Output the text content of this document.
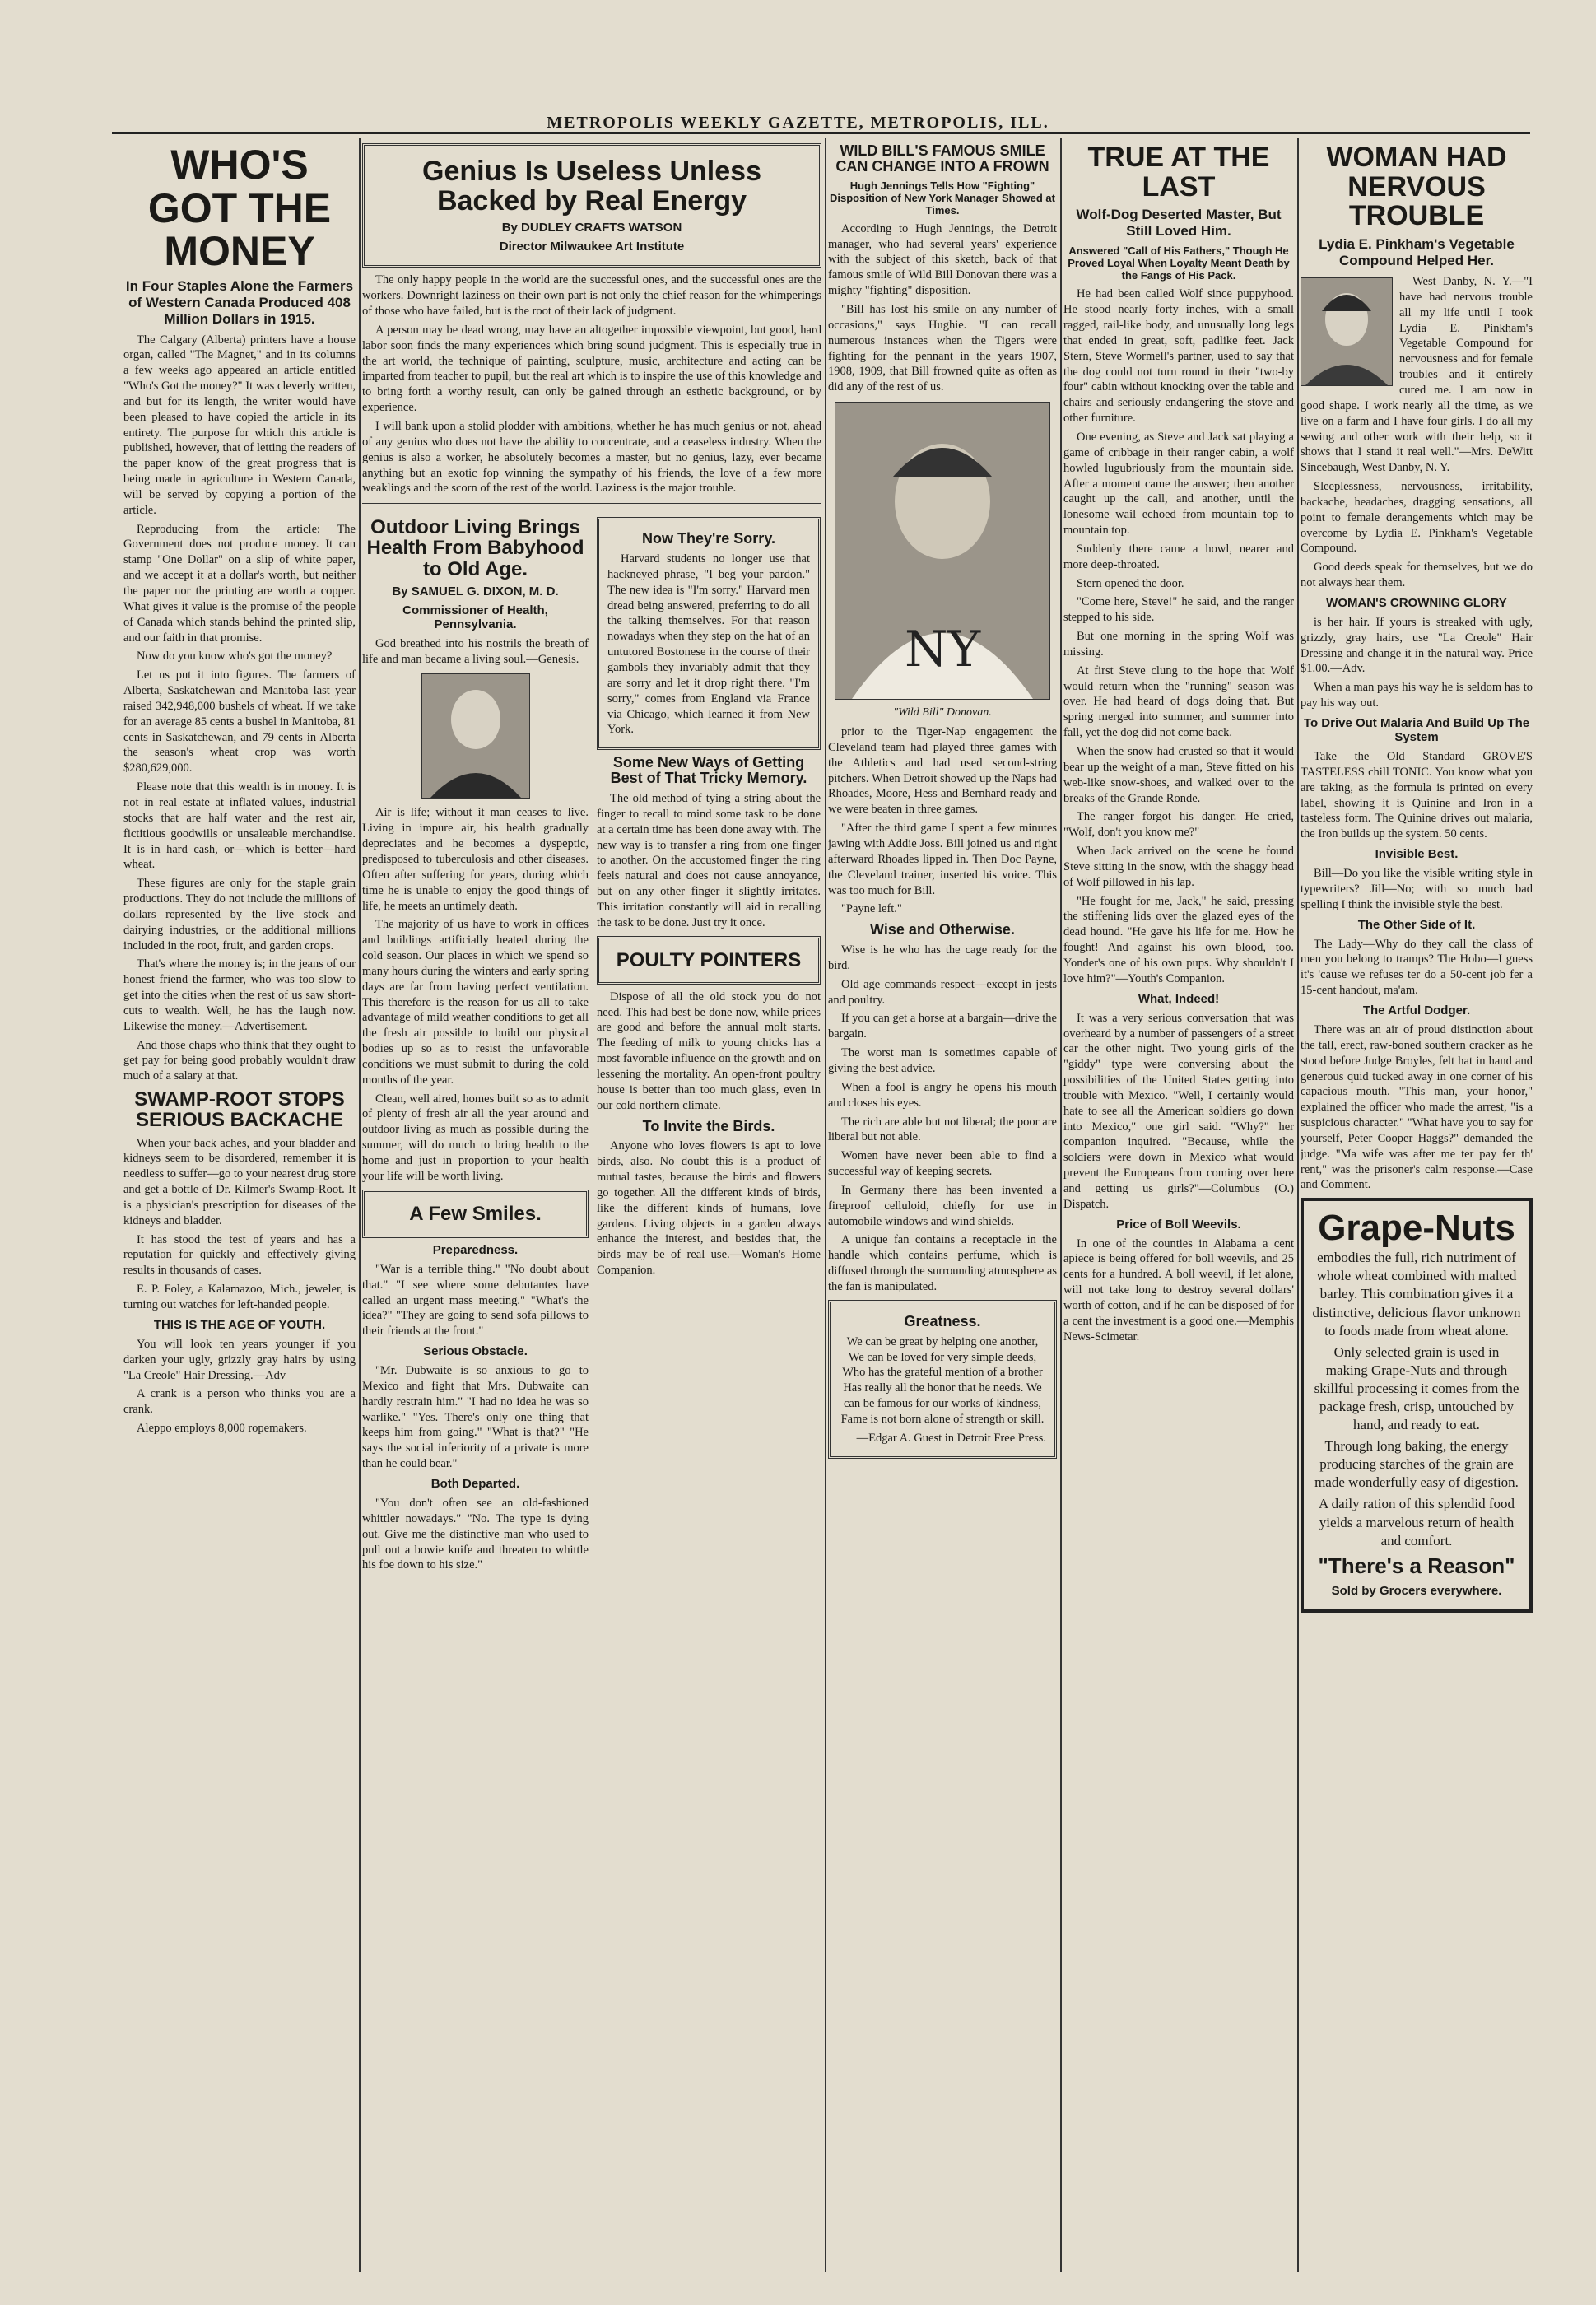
METROPOLIS WEEKLY GAZETTE, METROPOLIS, ILL.
WHO'S GOT THE MONEY
In Four Staples Alone the Farmers of Western Canada Produced 408 Million Dollars in 1915.

The Calgary (Alberta) printers have a house organ, called "The Magnet," and in its columns a few weeks ago appeared an article entitled "Who's Got the money?" It was cleverly written, and but for its length, the writer would have been pleased to have copied the article in its entirety. The purpose for which this article is published, however, that of letting the readers of the paper know of the great progress that is being made in agriculture in Western Canada, will be served by copying a portion of the article.

Reproducing from the article: The Government does not produce money. It can stamp "One Dollar" on a slip of white paper, and we accept it at a dollar's worth, but neither the paper nor the printing are worth a copper. What gives it value is the promise of the people of Canada which stands behind the printed slip, and our faith in that promise.

Now do you know who's got the money?

Let us put it into figures. The farmers of Alberta, Saskatchewan and Manitoba last year raised 342,948,000 bushels of wheat. If we take for an average 85 cents a bushel in Manitoba, 81 cents in Saskatchewan, and 79 cents in Alberta the season's wheat crop was worth $280,629,000.

Please note that this wealth is in money. It is not in real estate at inflated values, industrial stocks that are half water and the rest air, fictitious goodwills or unsaleable merchandise. It is in hard cash, or—which is better—hard wheat.

These figures are only for the staple grain productions. They do not include the millions of dollars represented by the live stock and dairying industries, or the additional millions included in the root, fruit, and garden crops.

That's where the money is; in the jeans of our honest friend the farmer, who was too slow to get into the cities when the rest of us saw short-cuts to wealth. Well, he has the laugh now. Likewise the money.—Advertisement.

And those chaps who think that they ought to get pay for being good probably wouldn't draw much of a salary at that.

SWAMP-ROOT STOPS SERIOUS BACKACHE

When your back aches, and your bladder and kidneys seem to be disordered, remember it is needless to suffer—go to your nearest drug store and get a bottle of Dr. Kilmer's Swamp-Root. It is a physician's prescription for diseases of the kidneys and bladder.

It has stood the test of years and has a reputation for quickly and effectively giving results in thousands of cases.

E. P. Foley, a Kalamazoo, Mich., jeweler, is turning out watches for left-handed people.

THIS IS THE AGE OF YOUTH.

You will look ten years younger if you darken your ugly, grizzly gray hairs by using "La Creole" Hair Dressing.—Adv

A crank is a person who thinks you are a crank.

Aleppo employs 8,000 ropemakers.

Genius Is Useless Unless Backed by Real Energy
By DUDLEY CRAFTS WATSON
Director Milwaukee Art Institute

The only happy people in the world are the successful ones, and the successful ones are the workers. Downright laziness on their own part is not only the chief reason for the whimperings of those who have failed, but is the root of their lack of judgment.

A person may be dead wrong, may have an altogether impossible viewpoint, but good, hard labor soon finds the many experiences which bring sound judgment. This is especially true in the art world, the technique of painting, sculpture, music, architecture and acting can be imparted from teacher to pupil, but the real art which is to inspire the use of this knowledge and to bring forth a worthy result, can only be gained through an esthetic background, or by experience.

I will bank upon a stolid plodder with ambitions, whether he has much genius or not, ahead of any genius who does not have the ability to concentrate, and a ceaseless industry. When the genius is also a worker, he absolutely becomes a master, but no genius, lazy, ever became anything but an exotic fop winning the sympathy of his friends, the love of a few more weaklings and the scorn of the rest of the world. Laziness is the major trouble.

Outdoor Living Brings Health From Babyhood to Old Age.
By SAMUEL G. DIXON, M. D.
Commissioner of Health, Pennsylvania.

God breathed into his nostrils the breath of life and man became a living soul.—Genesis.

Air is life; without it man ceases to live. Living in impure air, his health gradually depreciates and he becomes a dyspeptic, predisposed to tuberculosis and other diseases. Often after suffering for years, during which time he is unable to enjoy the good things of life, he meets an untimely death.

The majority of us have to work in offices and buildings artificially heated during the cold season. Our places in which we spend so many hours during the winters and early spring days are far from having perfect ventilation. This therefore is the reason for us all to take advantage of mild weather conditions to get all the fresh air possible to build our physical bodies up so as to resist the unfavorable conditions we must submit to during the cold months of the year.

Clean, well aired, homes built so as to admit of plenty of fresh air all the year around and outdoor living as much as possible during the summer, will do much to bring health to the home and just in proportion to your health your life will be worth living.

A Few Smiles.
Preparedness.

"War is a terrible thing." "No doubt about that." "I see where some debutantes have called an urgent mass meeting." "What's the idea?" "They are going to send sofa pillows to their friends at the front."

Serious Obstacle.

"Mr. Dubwaite is so anxious to go to Mexico and fight that Mrs. Dubwaite can hardly restrain him." "I had no idea he was so warlike." "Yes. There's only one thing that keeps him from going." "What is that?" "He says the social inferiority of a private is more than he could bear."

Both Departed.

"You don't often see an old-fashioned whittler nowadays." "No. The type is dying out. Give me the distinctive man who used to pull out a bowie knife and threaten to whittle his foe down to his size."

Now They're Sorry.

Harvard students no longer use that hackneyed phrase, "I beg your pardon." The new idea is "I'm sorry." Harvard men dread being answered, preferring to do all the talking themselves. For that reason nowadays when they step on the hat of an untutored Bostonese in the course of their gambols they invariably admit that they are sorry and let it drop right there. "I'm sorry," comes from England via France via Chicago, which learned it from New York.

Some New Ways of Getting Best of That Tricky Memory.

The old method of tying a string about the finger to recall to mind some task to be done at a certain time has been done away with. The new way is to transfer a ring from one finger to another. On the accustomed finger the ring feels natural and does not cause annoyance, but on any other finger it slightly irritates. This irritation constantly will aid in recalling the task to be done. Just try it once.

POULTY POINTERS

Dispose of all the old stock you do not need. This had best be done now, while prices are good and before the annual molt starts. The feeding of milk to young chicks has a most favorable influence on the growth and on lessening the mortality. An open-front poultry house is better than too much glass, even in our cold northern climate.

To Invite the Birds.

Anyone who loves flowers is apt to love birds, also. No doubt this is a product of mutual tastes, because the birds and flowers go together. All the different kinds of birds, like the different kinds of humans, love gardens. Living objects in a garden always enhance the interest, and besides that, the birds may be of real use.—Woman's Home Companion.

WILD BILL'S FAMOUS SMILE CAN CHANGE INTO A FROWN
Hugh Jennings Tells How "Fighting" Disposition of New York Manager Showed at Times.

According to Hugh Jennings, the Detroit manager, who had several years' experience with the subject of this sketch, back of that famous smile of Wild Bill Donovan there was a mighty "fighting" disposition.

"Bill has lost his smile on any number of occasions," says Hughie. "I can recall numerous instances when the Tigers were fighting for the pennant in the years 1907, 1908, 1909, that Bill frowned quite as often as did any of the rest of us.

NY
"Wild Bill" Donovan.

prior to the Tiger-Nap engagement the Cleveland team had played three games with the Athletics and had used second-string pitchers. When Detroit showed up the Naps had Rhoades, Moore, Hess and Bernhard ready and we were beaten in three games.

"After the third game I spent a few minutes jawing with Addie Joss. Bill joined us and right afterward Rhoades lipped in. Then Doc Payne, the Cleveland trainer, inserted his voice. This was too much for Bill.

"Payne left."

Wise and Otherwise.

Wise is he who has the cage ready for the bird.

Old age commands respect—except in jests and poultry.

If you can get a horse at a bargain—drive the bargain.

The worst man is sometimes capable of giving the best advice.

When a fool is angry he opens his mouth and closes his eyes.

The rich are able but not liberal; the poor are liberal but not able.

Women have never been able to find a successful way of keeping secrets.

In Germany there has been invented a fireproof celluloid, chiefly for use in automobile windows and wind shields.

A unique fan contains a receptacle in the handle which contains perfume, which is diffused through the surrounding atmosphere as the fan is manipulated.

Greatness.

We can be great by helping one another, We can be loved for very simple deeds, Who has the grateful mention of a brother Has really all the honor that he needs. We can be famous for our works of kindness, Fame is not born alone of strength or skill.

—Edgar A. Guest in Detroit Free Press.

TRUE AT THE LAST
Wolf-Dog Deserted Master, But Still Loved Him.
Answered "Call of His Fathers," Though He Proved Loyal When Loyalty Meant Death by the Fangs of His Pack.

He had been called Wolf since puppyhood. He stood nearly forty inches, with a small ragged, rail-like body, and unusually long legs that ended in great, soft, padlike feet. Jack Stern, Steve Wormell's partner, used to say that the dog could not turn round in their "two-by four" cabin without knocking over the table and chairs and seriously endangering the stove and other furniture.

One evening, as Steve and Jack sat playing a game of cribbage in their ranger cabin, a wolf howled lugubriously from the mountain side. After a moment came the answer; then another caught up the call, and another, until the lonesome wail echoed from mountain top to mountain top.

Suddenly there came a howl, nearer and more deep-throated.

Stern opened the door.

"Come here, Steve!" he said, and the ranger stepped to his side.

But one morning in the spring Wolf was missing.

At first Steve clung to the hope that Wolf would return when the "running" season was over. He had heard of dogs doing that. But spring merged into summer, and summer into fall, yet the dog did not come back.

When the snow had crusted so that it would bear up the weight of a man, Steve fitted on his web-like snow-shoes, and walked over to the breaks of the Grande Ronde.

The ranger forgot his danger. He cried, "Wolf, don't you know me?"

When Jack arrived on the scene he found Steve sitting in the snow, with the shaggy head of Wolf pillowed in his lap.

"He fought for me, Jack," he said, pressing the stiffening lids over the glazed eyes of the dead hound. "He gave his life for me. How he fought! And against his own blood, too. Yonder's one of his own pups. Why shouldn't I love him?"—Youth's Companion.

What, Indeed!

It was a very serious conversation that was overheard by a number of passengers of a street car the other night. Two young girls of the "giddy" type were conversing about the possibilities of the United States getting into trouble with Mexico. "Well, I certainly would hate to see all the American soldiers go down into Mexico," one girl said. "Why?" her companion inquired. "Because, while the soldiers were down in Mexico what would prevent the Europeans from coming over here and getting us girls?"—Columbus (O.) Dispatch.

Price of Boll Weevils.

In one of the counties in Alabama a cent apiece is being offered for boll weevils, and 25 cents for a hundred. A boll weevil, if let alone, will not take long to destroy several dollars' worth of cotton, and if he can be disposed of for a cent the investment is a good one.—Memphis News-Scimetar.

WOMAN HAD NERVOUS TROUBLE
Lydia E. Pinkham's Vegetable Compound Helped Her.

West Danby, N. Y.—"I have had nervous trouble all my life until I took Lydia E. Pinkham's Vegetable Compound for nervousness and for female troubles and it entirely cured me. I am now in good shape. I work nearly all the time, as we live on a farm and I have four girls. I do all my sewing and other work with their help, so it shows that I stand it real well."—Mrs. DeWitt Sincebaugh, West Danby, N. Y.

Sleeplessness, nervousness, irritability, backache, headaches, dragging sensations, all point to female derangements which may be overcome by Lydia E. Pinkham's Vegetable Compound.

Good deeds speak for themselves, but we do not always hear them.

WOMAN'S CROWNING GLORY

is her hair. If yours is streaked with ugly, grizzly, gray hairs, use "La Creole" Hair Dressing and change it in the natural way. Price $1.00.—Adv.

When a man pays his way he is seldom has to pay his way out.

To Drive Out Malaria And Build Up The System

Take the Old Standard GROVE'S TASTELESS chill TONIC. You know what you are taking, as the formula is printed on every label, showing it is Quinine and Iron in a tasteless form. The Quinine drives out malaria, the Iron builds up the system. 50 cents.

Invisible Best.

Bill—Do you like the visible writing style in typewriters? Jill—No; with so much bad spelling I think the invisible style the best.

The Other Side of It.

The Lady—Why do they call the class of men you belong to tramps? The Hobo—I guess it's 'cause we refuses ter do a 50-cent job fer a 15-cent handout, ma'am.

The Artful Dodger.

There was an air of proud distinction about the tall, erect, raw-boned southern cracker as he stood before Judge Broyles, felt hat in hand and generous quid tucked away in one corner of his capacious mouth. "This man, your honor," explained the officer who made the arrest, "is a suspicious character." "What have you to say for yourself, Peter Cooper Haggs?" demanded the judge. "Ma wife was after me ter pay fer th' rent," was the prisoner's calm response.—Case and Comment.

Grape-Nuts

embodies the full, rich nutriment of whole wheat combined with malted barley. This combination gives it a distinctive, delicious flavor unknown to foods made from wheat alone.

Only selected grain is used in making Grape-Nuts and through skillful processing it comes from the package fresh, crisp, untouched by hand, and ready to eat.

Through long baking, the energy producing starches of the grain are made wonderfully easy of digestion.

A daily ration of this splendid food yields a marvelous return of health and comfort.

"There's a Reason"
Sold by Grocers everywhere.
